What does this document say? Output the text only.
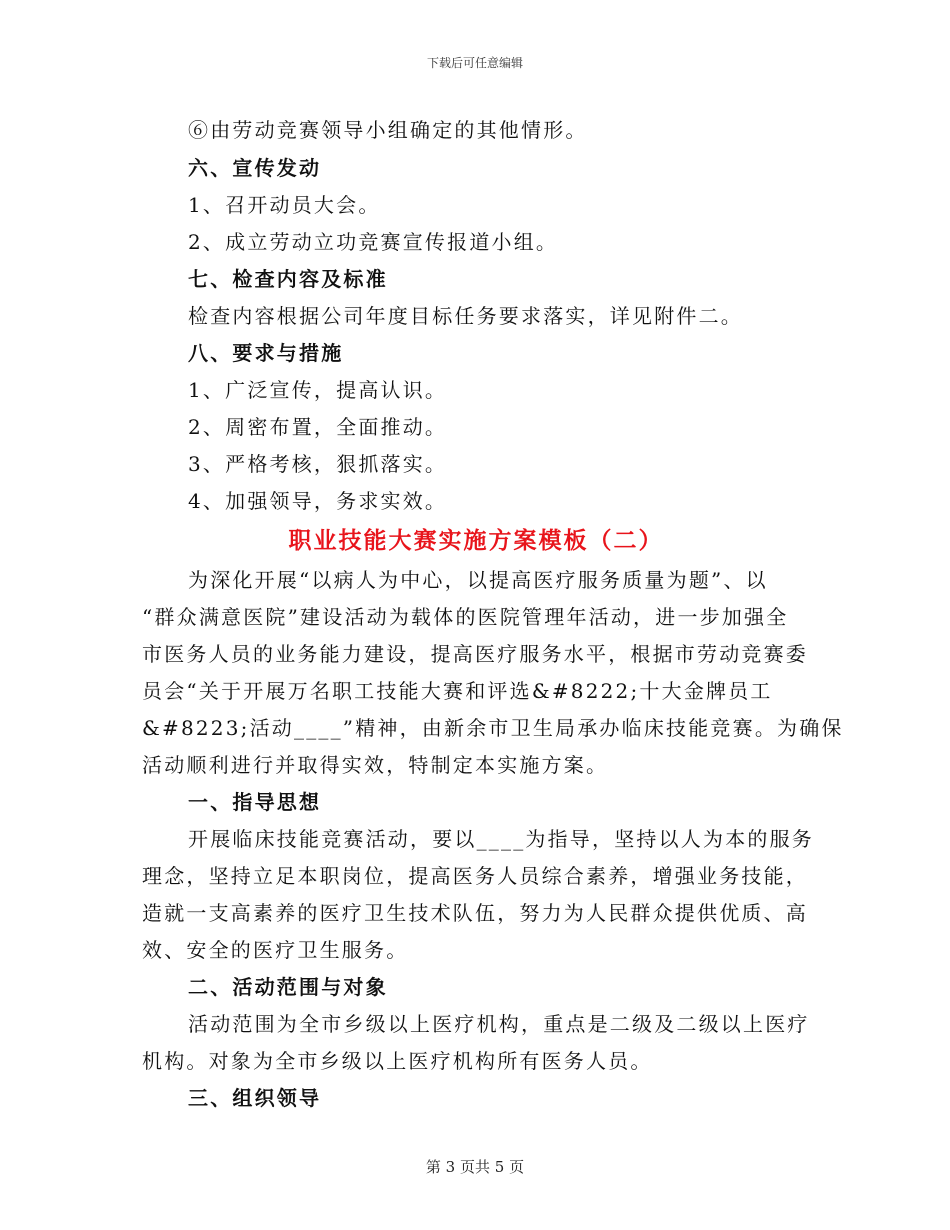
下载后可任意编辑
⑥由劳动竞赛领导小组确定的其他情形。
六、宣传发动
1、召开动员大会。
2、成立劳动立功竞赛宣传报道小组。
七、检查内容及标准
检查内容根据公司年度目标任务要求落实，详见附件二。
八、要求与措施
1、广泛宣传，提高认识。
2、周密布置，全面推动。
3、严格考核，狠抓落实。
4、加强领导，务求实效。
职业技能大赛实施方案模板（二）
为深化开展“以病人为中心，以提高医疗服务质量为题”、以
“群众满意医院”建设活动为载体的医院管理年活动，进一步加强全
市医务人员的业务能力建设，提高医疗服务水平，根据市劳动竞赛委
员会“关于开展万名职工技能大赛和评选&#8222;十大金牌员工
&#8223;活动____”精神，由新余市卫生局承办临床技能竞赛。为确保
活动顺利进行并取得实效，特制定本实施方案。
一、指导思想
开展临床技能竞赛活动，要以____为指导，坚持以人为本的服务
理念，坚持立足本职岗位，提高医务人员综合素养，增强业务技能，
造就一支高素养的医疗卫生技术队伍，努力为人民群众提供优质、高
效、安全的医疗卫生服务。
二、活动范围与对象
活动范围为全市乡级以上医疗机构，重点是二级及二级以上医疗
机构。对象为全市乡级以上医疗机构所有医务人员。
三、组织领导
第 3 页共 5 页
